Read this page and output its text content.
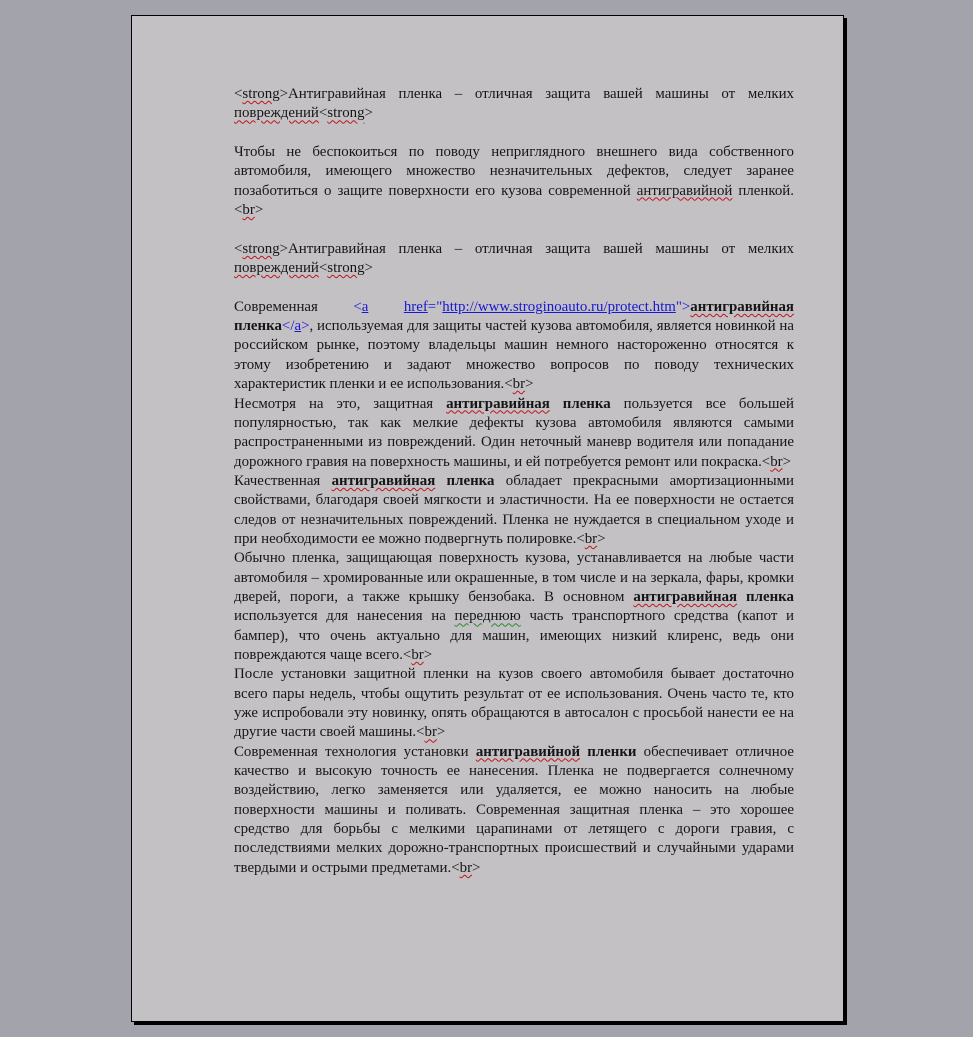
<strong>Антигравийная пленка – отличная защита вашей машины от мелких повреждений<strong>

Чтобы не беспокоиться по поводу неприглядного внешнего вида собственного автомобиля, имеющего множество незначительных дефектов, следует заранее позаботиться о защите поверхности его кузова современной антигравийной пленкой.<br>

<strong>Антигравийная пленка – отличная защита вашей машины от мелких повреждений<strong>

Современная <a href="http://www.stroginoauto.ru/protect.htm">антигравийная пленка</a>, используемая для защиты частей кузова автомобиля, является новинкой на российском рынке, поэтому владельцы машин немного настороженно относятся к этому изобретению и задают множество вопросов по поводу технических характеристик пленки и ее использования.<br>

Несмотря на это, защитная антигравийная пленка пользуется все большей популярностью, так как мелкие дефекты кузова автомобиля являются самыми распространенными из повреждений. Один неточный маневр водителя или попадание дорожного гравия на поверхность машины, и ей потребуется ремонт или покраска.<br>

Качественная антигравийная пленка обладает прекрасными амортизационными свойствами, благодаря своей мягкости и эластичности. На ее поверхности не остается следов от незначительных повреждений. Пленка не нуждается в специальном уходе и при необходимости ее можно подвергнуть полировке.<br>

Обычно пленка, защищающая поверхность кузова, устанавливается на любые части автомобиля – хромированные или окрашенные, в том числе и на зеркала, фары, кромки дверей, пороги, а также крышку бензобака. В основном антигравийная пленка используется для нанесения на переднюю часть транспортного средства (капот и бампер), что очень актуально для машин, имеющих низкий клиренс, ведь они повреждаются чаще всего.<br>

После установки защитной пленки на кузов своего автомобиля бывает достаточно всего пары недель, чтобы ощутить результат от ее использования. Очень часто те, кто уже испробовали эту новинку, опять обращаются в автосалон с просьбой нанести ее на другие части своей машины.<br>

Современная технология установки антигравийной пленки обеспечивает отличное качество и высокую точность ее нанесения. Пленка не подвергается солнечному воздействию, легко заменяется или удаляется, ее можно наносить на любые поверхности машины и поливать. Современная защитная пленка – это хорошее средство для борьбы с мелкими царапинами от летящего с дороги гравия, с последствиями мелких дорожно-транспортных происшествий и случайными ударами твердыми и острыми предметами.<br>
